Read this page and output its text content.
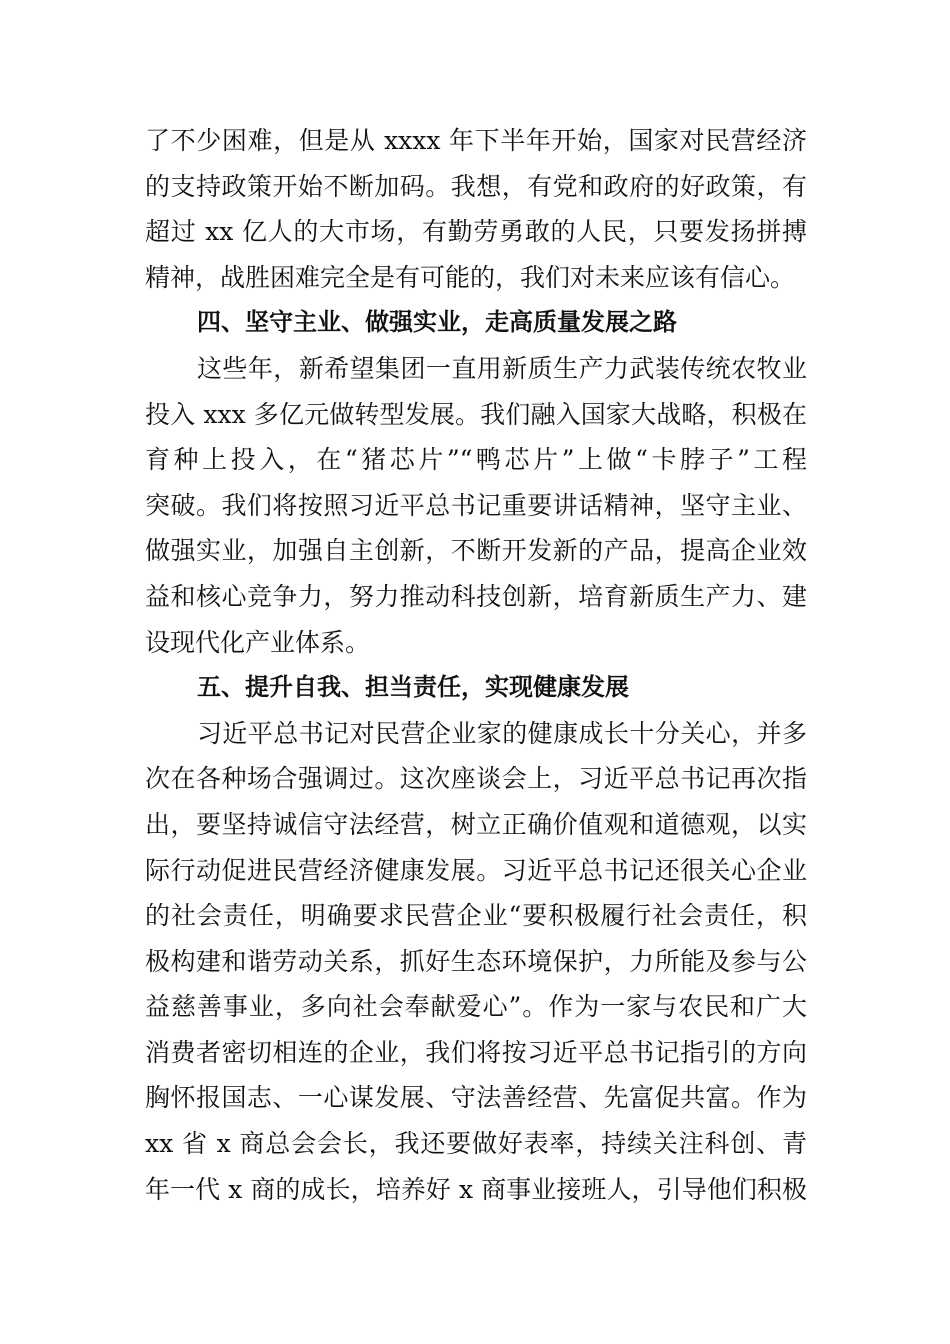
了不少困难，但是从 xxxx 年下半年开始，国家对民营经济
的支持政策开始不断加码。我想，有党和政府的好政策，有
超过 xx 亿人的大市场，有勤劳勇敢的人民，只要发扬拼搏
精神，战胜困难完全是有可能的，我们对未来应该有信心。
四、坚守主业、做强实业，走高质量发展之路
这些年，新希望集团一直用新质生产力武装传统农牧业
投入 xxx 多亿元做转型发展。我们融入国家大战略，积极在
育种上投入，在“猪芯片”“鸭芯片”上做“卡脖子”工程
突破。我们将按照习近平总书记重要讲话精神，坚守主业、
做强实业，加强自主创新，不断开发新的产品，提高企业效
益和核心竞争力，努力推动科技创新，培育新质生产力、建
设现代化产业体系。
五、提升自我、担当责任，实现健康发展
习近平总书记对民营企业家的健康成长十分关心，并多
次在各种场合强调过。这次座谈会上，习近平总书记再次指
出，要坚持诚信守法经营，树立正确价值观和道德观，以实
际行动促进民营经济健康发展。习近平总书记还很关心企业
的社会责任，明确要求民营企业“要积极履行社会责任，积
极构建和谐劳动关系，抓好生态环境保护，力所能及参与公
益慈善事业，多向社会奉献爱心”。作为一家与农民和广大
消费者密切相连的企业，我们将按习近平总书记指引的方向
胸怀报国志、一心谋发展、守法善经营、先富促共富。作为
xx 省 x 商总会会长，我还要做好表率，持续关注科创、青
年一代 x 商的成长，培养好 x 商事业接班人，引导他们积极
